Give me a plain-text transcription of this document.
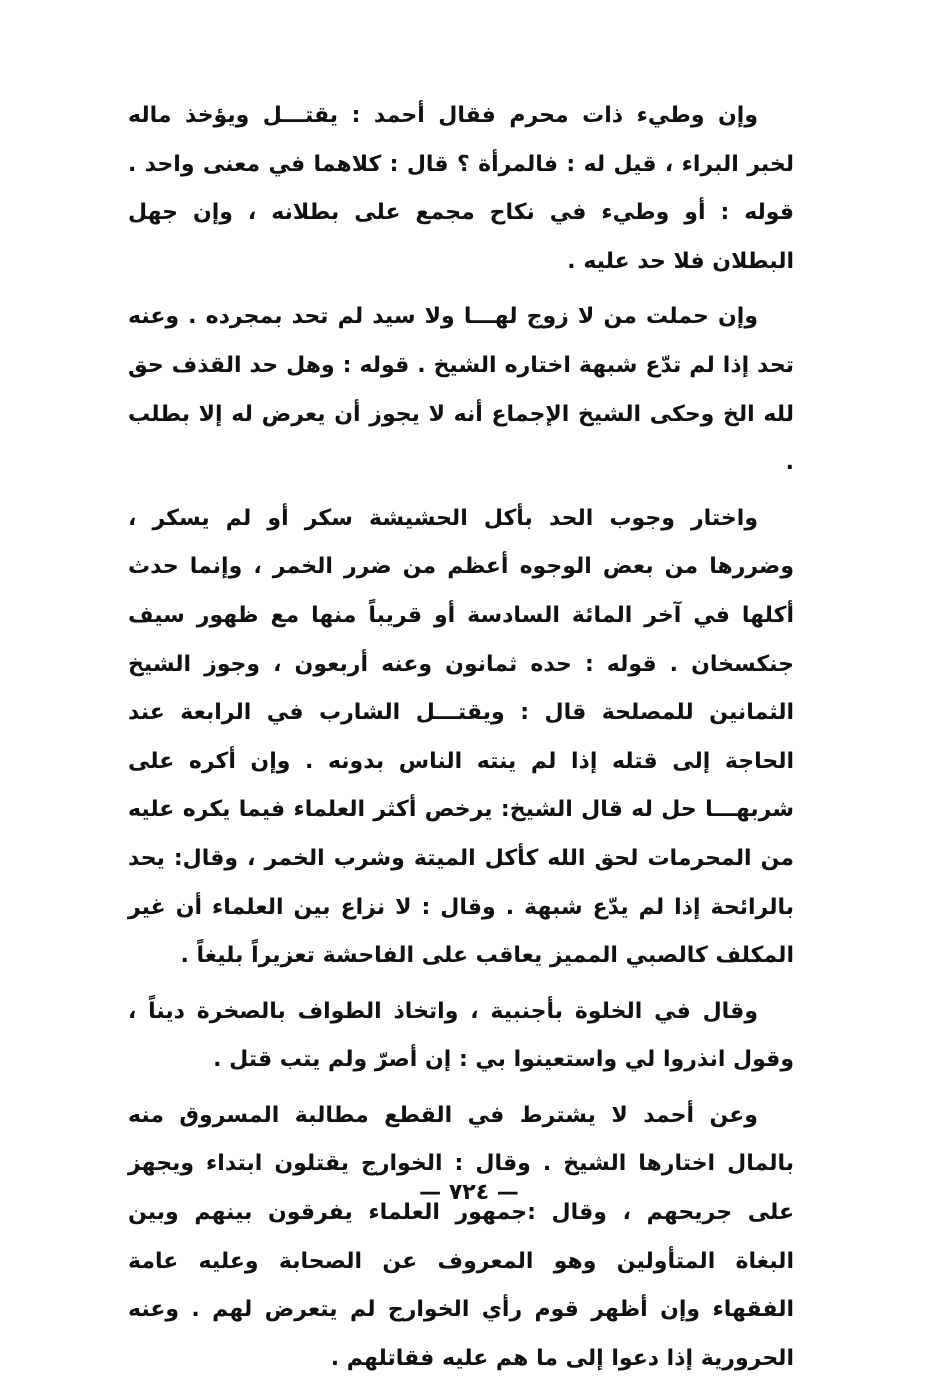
وإن وطيء ذات محرم فقال أحمد : يقتـــل ويؤخذ ماله لخبر البراء ، قيل له : فالمرأة ؟ قال : كلاهما في معنى واحد . قوله : أو وطيء في نكاح مجمع على بطلانه ، وإن جهل البطلان فلا حد عليه .

وإن حملت من لا زوج لهـــا ولا سيد لم تحد بمجرده . وعنه تحد إذا لم تدّع شبهة اختاره الشيخ . قوله : وهل حد القذف حق لله الخ وحكى الشيخ الإجماع أنه لا يجوز أن يعرض له إلا بطلب .

واختار وجوب الحد بأكل الحشيشة سكر أو لم يسكر ، وضررها من بعض الوجوه أعظم من ضرر الخمر ، وإنما حدث أكلها في آخر المائة السادسة أو قريباً منها مع ظهور سيف جنكسخان . قوله : حده ثمانون وعنه أربعون ، وجوز الشيخ الثمانين للمصلحة قال : ويقتـــل الشارب في الرابعة عند الحاجة إلى قتله إذا لم ينته الناس بدونه . وإن أكره على شربهـــا حل له قال الشيخ: يرخص أكثر العلماء فيما يكره عليه من المحرمات لحق الله كأكل الميتة وشرب الخمر ، وقال: يحد بالرائحة إذا لم يدّع شبهة . وقال : لا نزاع بين العلماء أن غير المكلف كالصبي المميز يعاقب على الفاحشة تعزيراً بليغاً .

وقال في الخلوة بأجنبية ، واتخاذ الطواف بالصخرة ديناً ، وقول انذروا لي واستعينوا بي : إن أصرّ ولم يتب قتل .

وعن أحمد لا يشترط في القطع مطالبة المسروق منه بالمال اختارها الشيخ . وقال : الخوارج يقتلون ابتداء ويجهز على جريحهم ، وقال :جمهور العلماء يفرقون بينهم وبين البغاة المتأولين وهو المعروف عن الصحابة وعليه عامة الفقهاء وإن أظهر قوم رأي الخوارج لم يتعرض لهم . وعنه الحرورية إذا دعوا إلى ما هم عليه فقاتلهم .

— ٧٢٤ —
